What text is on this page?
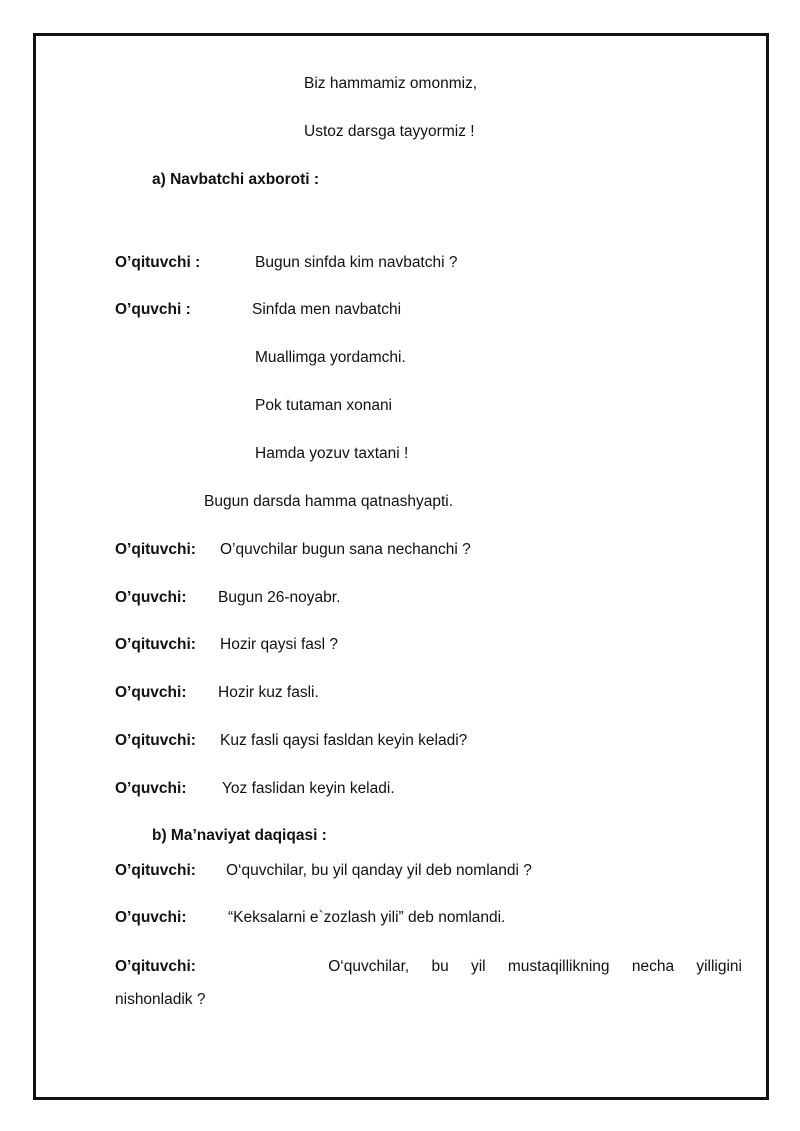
Biz hammamiz omonmiz,
Ustoz darsga tayyormiz !
a) Navbatchi axboroti :
O’qituvchi :	Bugun sinfda kim navbatchi ?
O’quvchi :	Sinfda men navbatchi
Muallimga yordamchi.
Pok tutaman xonani
Hamda yozuv taxtani !
Bugun darsda hamma qatnashyapti.
O’qituvchi: O’quvchilar bugun sana nechanchi ?
O’quvchi: Bugun 26-noyabr.
O’qituvchi: Hozir qaysi fasl ?
O’quvchi: Hozir kuz fasli.
O’qituvchi: Kuz fasli qaysi fasldan keyin keladi?
O’quvchi: Yoz faslidan keyin keladi.
b) Ma’naviyat daqiqasi :
O’qituvchi: O‘quvchilar, bu yil qanday yil deb nomlandi ?
O’quvchi:	“Keksalarni e`zozlash yili” deb nomlandi.
O’qituvchi:	O‘quvchilar, bu yil mustaqillikning necha yilligini
nishonladik ?
